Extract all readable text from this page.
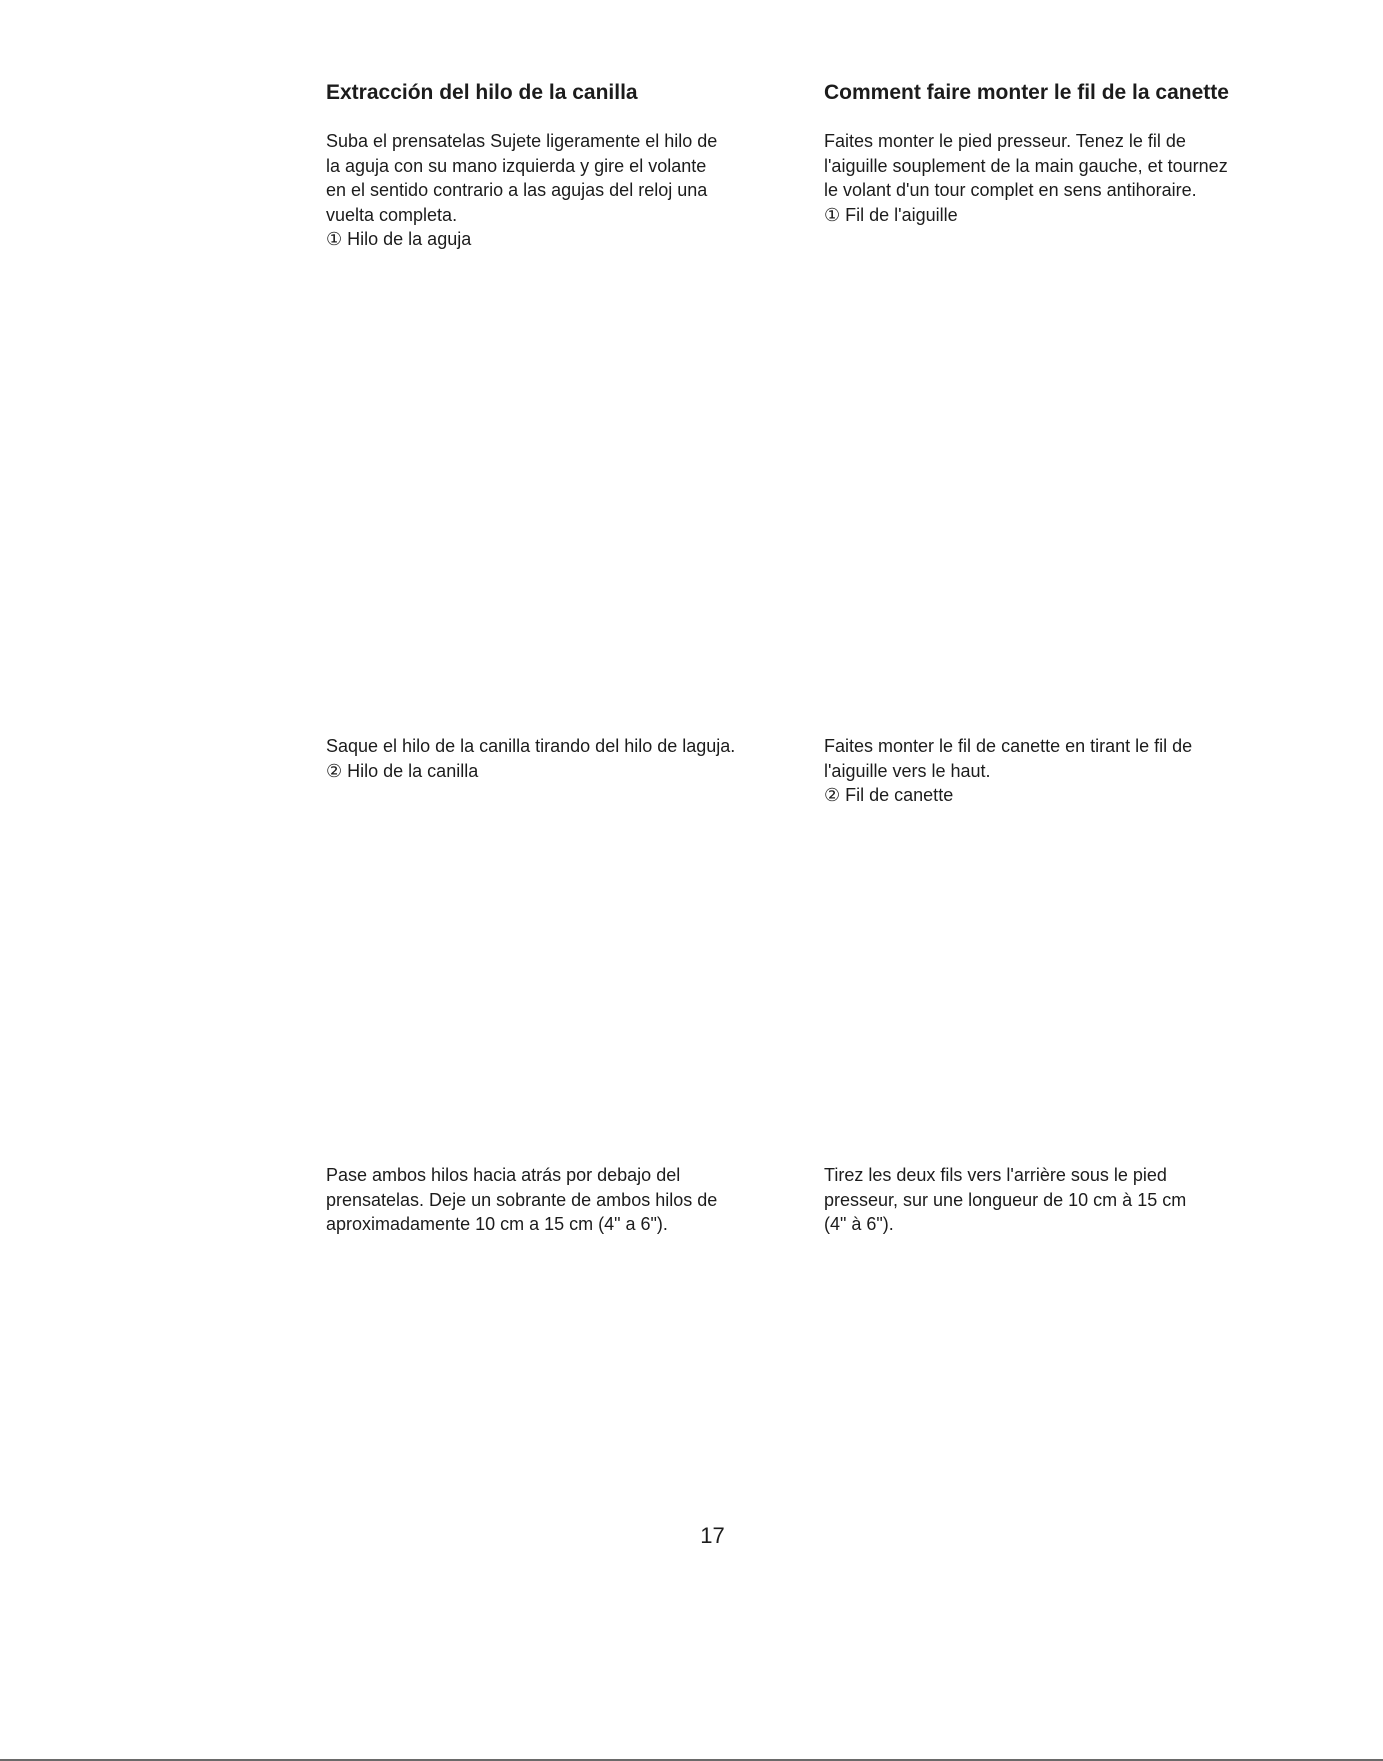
Extracción del hilo de la canilla

Suba el prensatelas Sujete ligeramente el hilo de
la aguja con su mano izquierda y gire el volante
en el sentido contrario a las agujas del reloj una
vuelta completa.
① Hilo de la aguja

Comment faire monter le fil de la canette

Faites monter le pied presseur. Tenez le fil de
l'aiguille souplement de la main gauche, et tournez
le volant d'un tour complet en sens antihoraire.
① Fil de l'aiguille

Saque el hilo de la canilla tirando del hilo de laguja.
② Hilo de la canilla

Faites monter le fil de canette en tirant le fil de
l'aiguille vers le haut.
② Fil de canette

Pase ambos hilos hacia atrás por debajo del
prensatelas. Deje un sobrante de ambos hilos de
aproximadamente 10 cm a 15 cm (4" a 6").

Tirez les deux fils vers l'arrière sous le pied
presseur, sur une longueur de 10 cm à 15 cm
(4" à 6").

17
